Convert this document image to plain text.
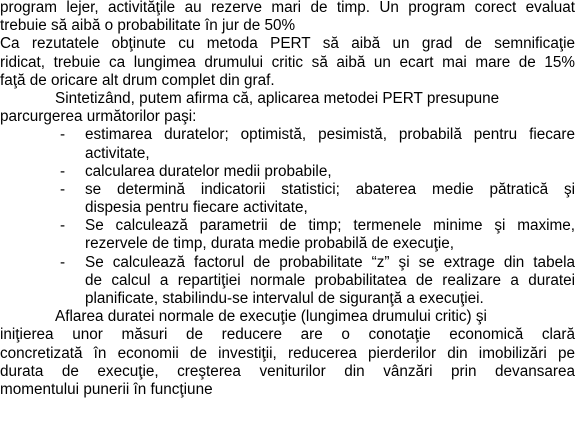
program lejer, activităţile au rezerve mari de timp. Un program corect evaluat
trebuie să aibă o probabilitate în jur de 50%
Ca rezutatele obţinute cu metoda PERT să aibă un grad de semnificaţie
ridicat, trebuie ca lungimea drumului critic să aibă un ecart mai mare de 15%
faţă de oricare alt drum complet din graf.
Sintetizând, putem afirma că, aplicarea metodei PERT presupune
parcurgerea următorilor paşi:
-	estimarea duratelor; optimistă, pesimistă, probabilă pentru fiecare
activitate,
-	calcularea duratelor medii probabile,
-	se determină indicatorii statistici; abaterea medie pătratică şi
dispesia pentru fiecare activitate,
-	Se calculează parametrii de timp; termenele minime şi maxime,
rezervele de timp, durata medie probabilă de execuţie,
-	Se calculează factorul de probabilitate “z” şi se extrage din tabela
de calcul a repartiţiei normale probabilitatea de realizare a duratei
planificate, stabilindu-se intervalul de siguranţă a execuţiei.
Aflarea duratei normale de execuţie (lungimea drumului critic) şi
iniţierea unor măsuri de reducere are o conotaţie economică clară
concretizată în economii de investiţii, reducerea pierderilor din imobilizări pe
durata de execuţie, creşterea veniturilor din vânzări prin devansarea
momentului punerii în funcţiune
